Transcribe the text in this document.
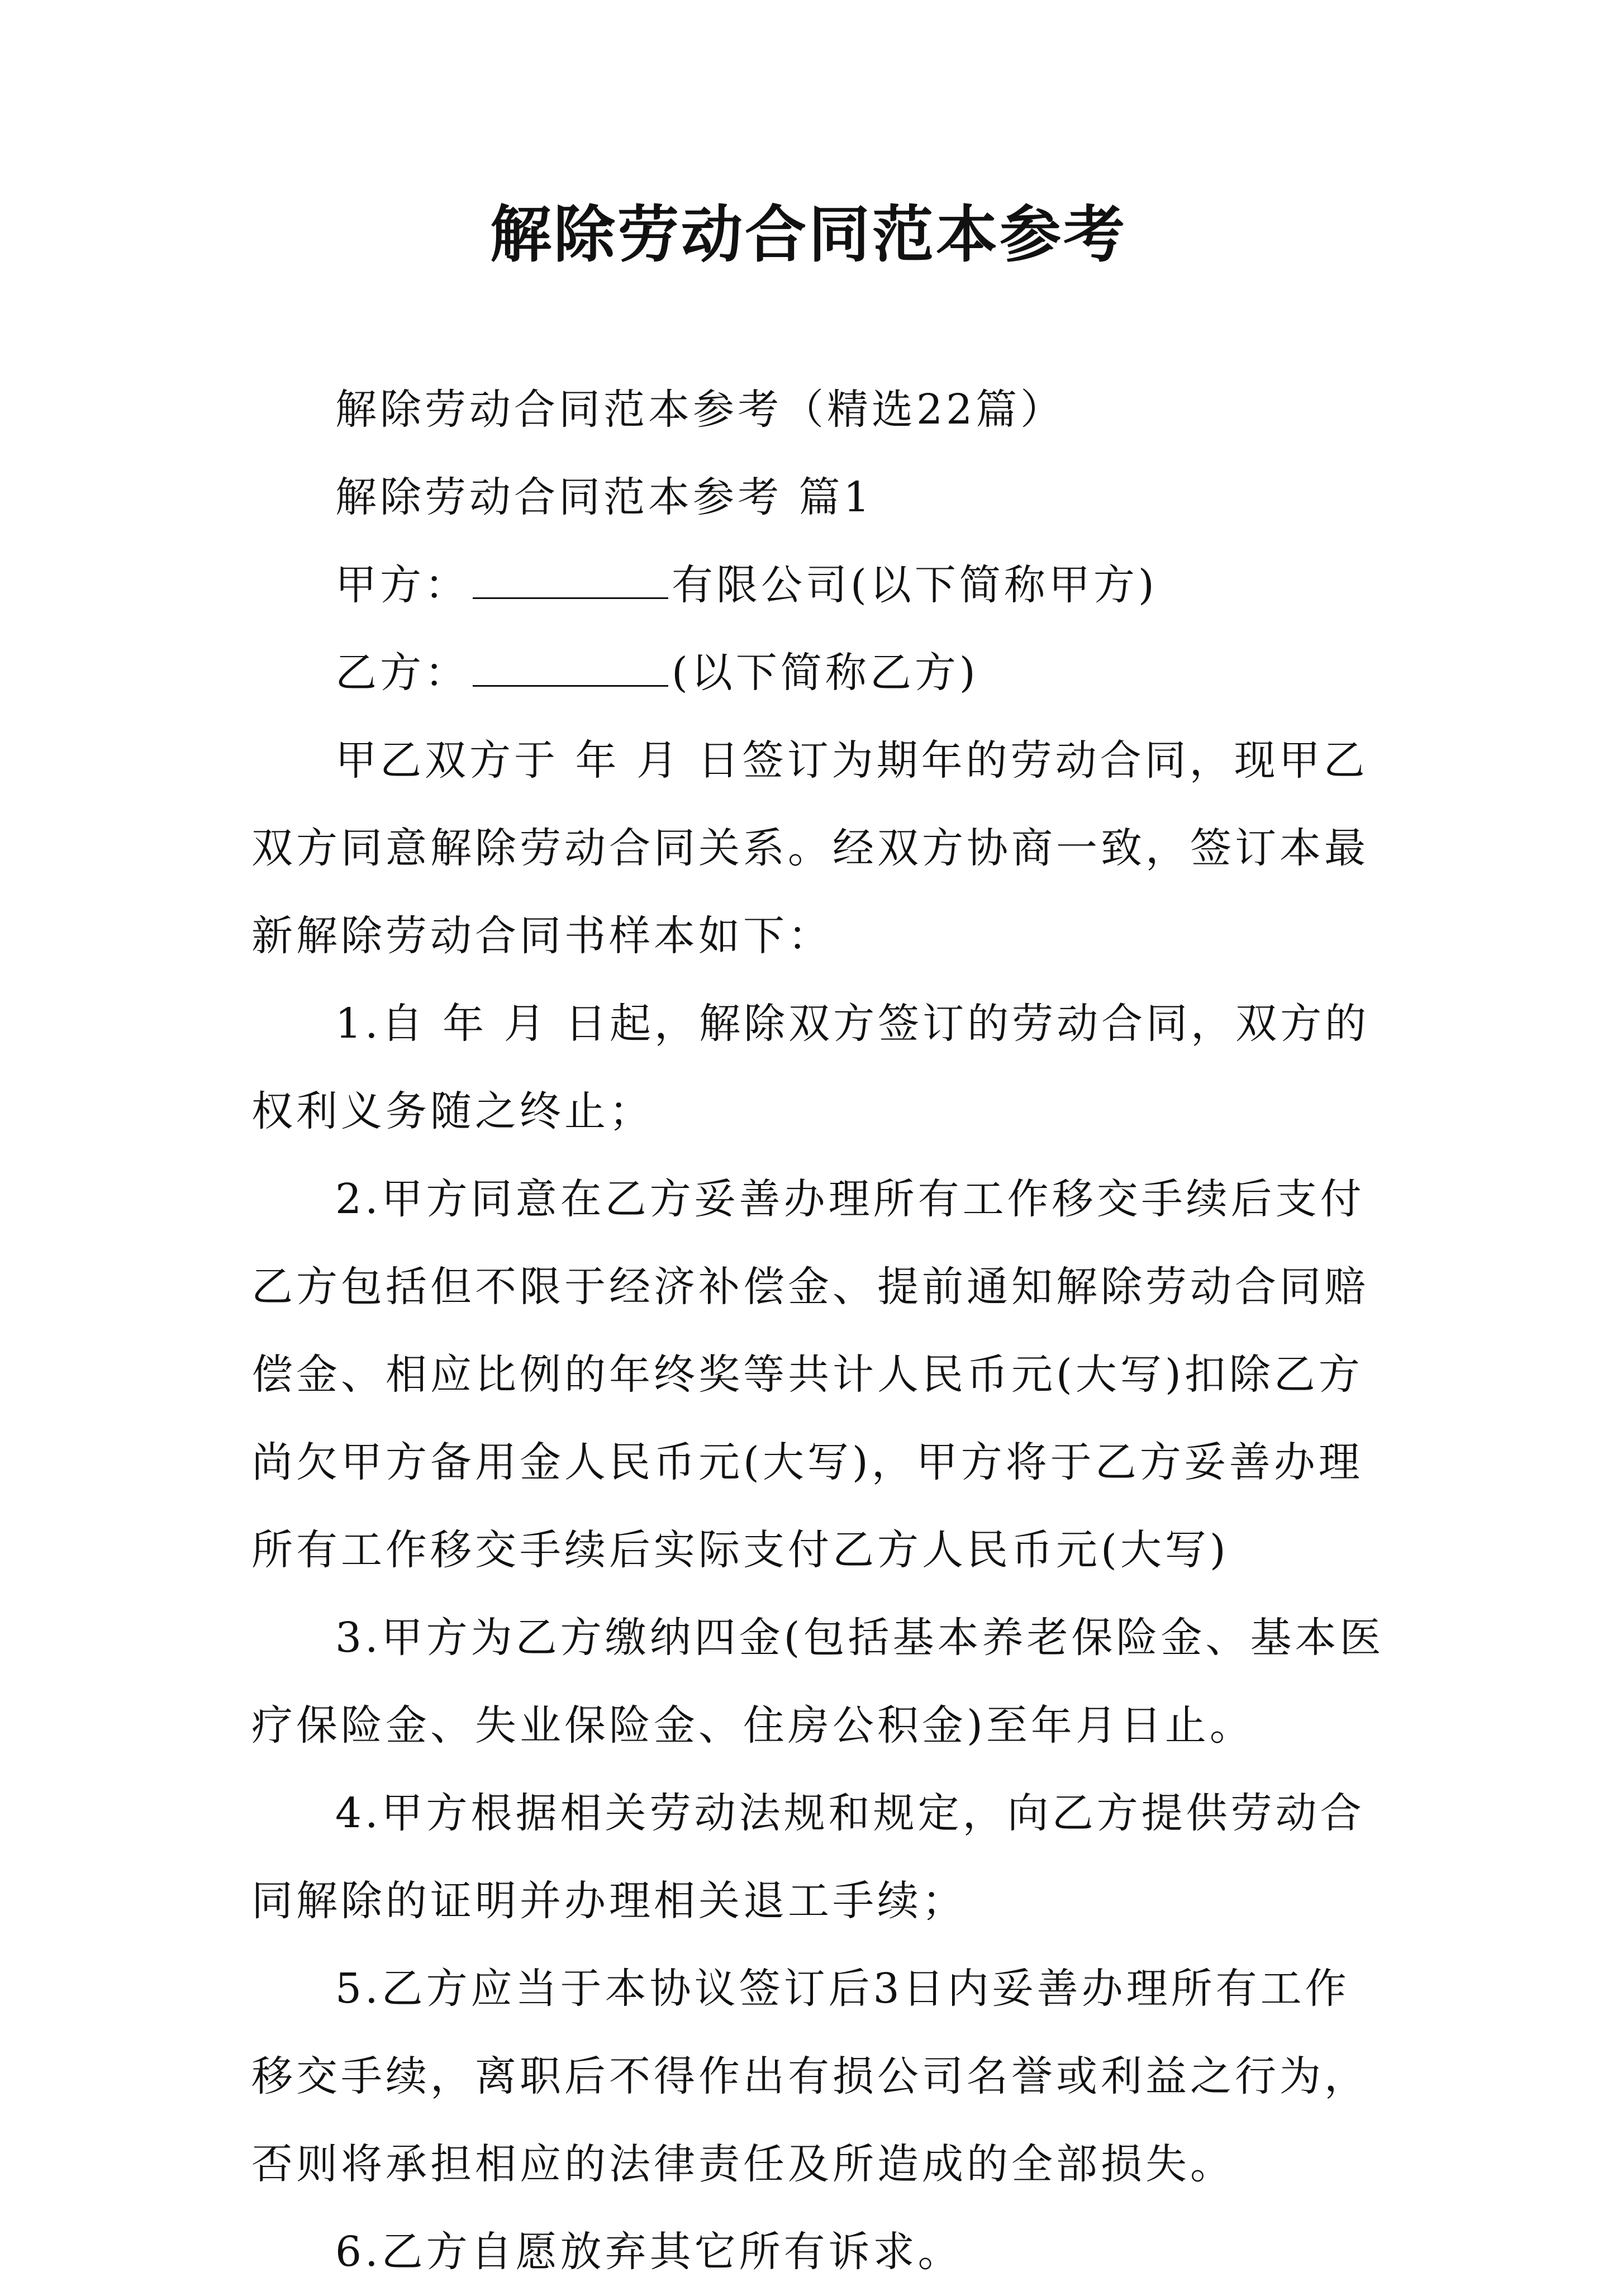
解除劳动合同范本参考

解除劳动合同范本参考（精选22篇）

解除劳动合同范本参考 篇1

甲方：	有限公司(以下简称甲方)

乙方：	(以下简称乙方)

甲乙双方于 年 月 日签订为期年的劳动合同，现甲乙双方同意解除劳动合同关系。经双方协商一致，签订本最新解除劳动合同书样本如下：

1.自 年 月 日起，解除双方签订的劳动合同，双方的权利义务随之终止；

2.甲方同意在乙方妥善办理所有工作移交手续后支付乙方包括但不限于经济补偿金、提前通知解除劳动合同赔偿金、相应比例的年终奖等共计人民币元(大写)扣除乙方尚欠甲方备用金人民币元(大写)，甲方将于乙方妥善办理所有工作移交手续后实际支付乙方人民币元(大写)

3.甲方为乙方缴纳四金(包括基本养老保险金、基本医疗保险金、失业保险金、住房公积金)至年月日止。

4.甲方根据相关劳动法规和规定，向乙方提供劳动合同解除的证明并办理相关退工手续；

5.乙方应当于本协议签订后3日内妥善办理所有工作移交手续，离职后不得作出有损公司名誉或利益之行为，否则将承担相应的法律责任及所造成的全部损失。

6.乙方自愿放弃其它所有诉求。
